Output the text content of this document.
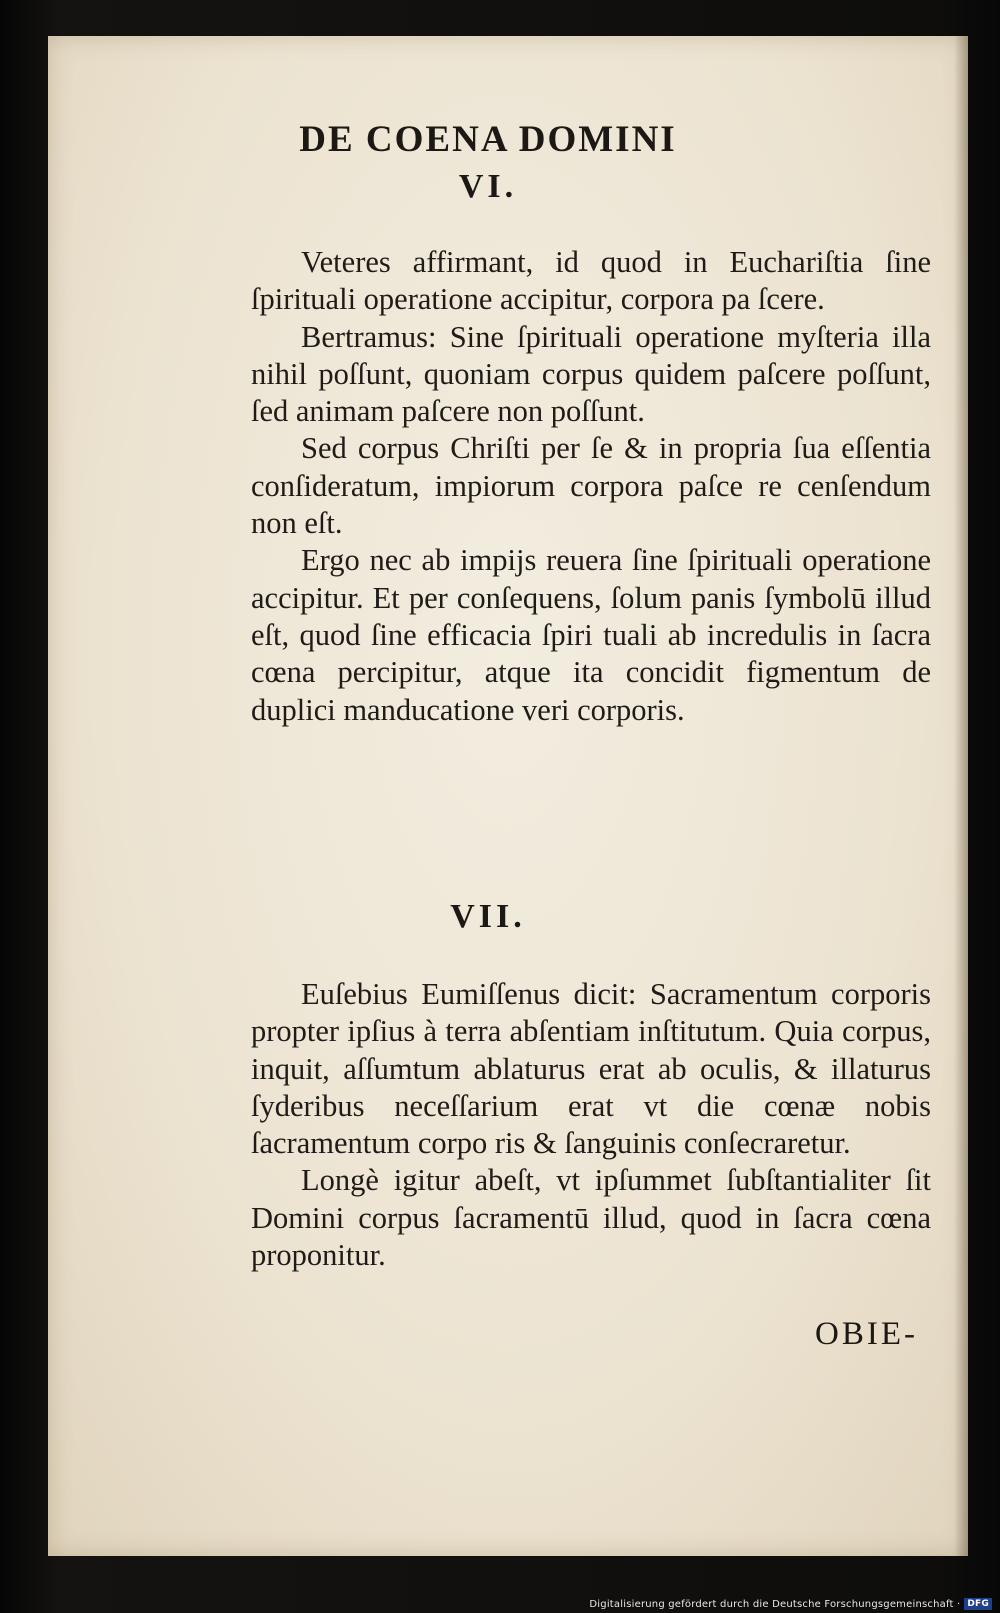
DE COENA DOMINI
VI.

Veteres affirmant, id quod in Euchariſtia ſine ſpirituali operatione accipitur, corpora pa ſcere.

Bertramus: Sine ſpirituali operatione myſteria illa nihil poſſunt, quoniam corpus quidem paſcere poſſunt, ſed animam paſcere non poſſunt.

Sed corpus Chriſti per ſe & in propria ſua eſſentia conſideratum, impiorum corpora paſce re cenſendum non eſt.

Ergo nec ab impijs reuera ſine ſpirituali operatione accipitur. Et per conſequens, ſolum panis ſymbolū illud eſt, quod ſine efficacia ſpiri tuali ab incredulis in ſacra cœna percipitur, atque ita concidit figmentum de duplici manducatione veri corporis.

VII.

Euſebius Eumiſſenus dicit: Sacramentum corporis propter ipſius à terra abſentiam inſtitutum. Quia corpus, inquit, aſſumtum ablaturus erat ab oculis, & illaturus ſyderibus neceſſarium erat vt die cœnæ nobis ſacramentum corpo ris & ſanguinis conſecraretur.

Longè igitur abeſt, vt ipſummet ſubſtantialiter ſit Domini corpus ſacramentū illud, quod in ſacra cœna proponitur.

OBIE-
Digitalisierung gefördert durch die Deutsche Forschungsgemeinschaft · DFG
